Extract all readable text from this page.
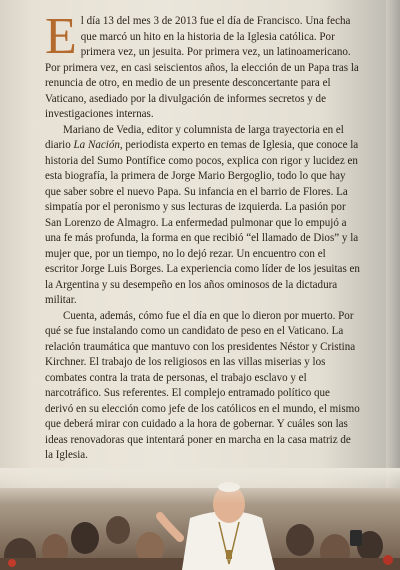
El día 13 del mes 3 de 2013 fue el día de Francisco. Una fecha que marcó un hito en la historia de la Iglesia católica. Por primera vez, un jesuita. Por primera vez, un latinoamericano. Por primera vez, en casi seiscientos años, la elección de un Papa tras la renuncia de otro, en medio de un presente desconcertante para el Vaticano, asediado por la divulgación de informes secretos y de investigaciones internas.

Mariano de Vedia, editor y columnista de larga trayectoria en el diario La Nación, periodista experto en temas de Iglesia, que conoce la historia del Sumo Pontífice como pocos, explica con rigor y lucidez en esta biografía, la primera de Jorge Mario Bergoglio, todo lo que hay que saber sobre el nuevo Papa. Su infancia en el barrio de Flores. La simpatía por el peronismo y sus lecturas de izquierda. La pasión por San Lorenzo de Almagro. La enfermedad pulmonar que lo empujó a una fe más profunda, la forma en que recibió “el llamado de Dios” y la mujer que, por un tiempo, no lo dejó rezar. Un encuentro con el escritor Jorge Luis Borges. La experiencia como líder de los jesuitas en la Argentina y su desempeño en los años ominosos de la dictadura militar.

Cuenta, además, cómo fue el día en que lo dieron por muerto. Por qué se fue instalando como un candidato de peso en el Vaticano. La relación traumática que mantuvo con los presidentes Néstor y Cristina Kirchner. El trabajo de los religiosos en las villas miserias y los combates contra la trata de personas, el trabajo esclavo y el narcotráfico. Sus referentes. El complejo entramado político que derivó en su elección como jefe de los católicos en el mundo, el mismo que deberá mirar con cuidado a la hora de gobernar. Y cuáles son las ideas renovadoras que intentará poner en marcha en la casa matriz de la Iglesia.
